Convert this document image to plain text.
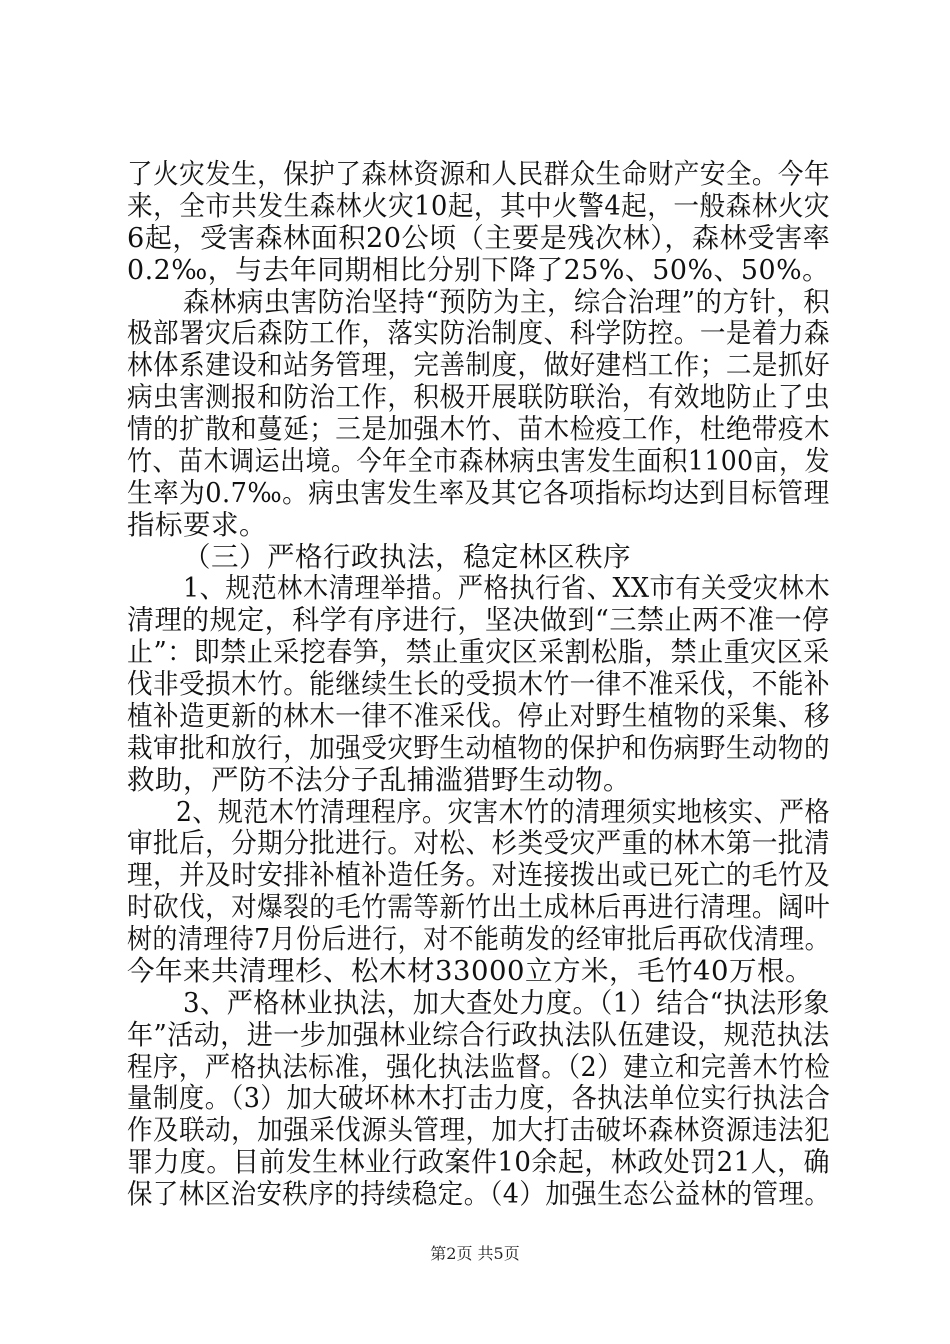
了火灾发生，保护了森林资源和人民群众生命财产安全。今年
来，全市共发生森林火灾10起，其中火警4起，一般森林火灾
6起，受害森林面积20公顷（主要是残次林），森林受害率
0.2‰，与去年同期相比分别下降了25%、50%、50%。
森林病虫害防治坚持“预防为主，综合治理”的方针，积
极部署灾后森防工作，落实防治制度、科学防控。一是着力森
林体系建设和站务管理，完善制度，做好建档工作；二是抓好
病虫害测报和防治工作，积极开展联防联治，有效地防止了虫
情的扩散和蔓延；三是加强木竹、苗木检疫工作，杜绝带疫木
竹、苗木调运出境。今年全市森林病虫害发生面积1100亩，发
生率为0.7‰。病虫害发生率及其它各项指标均达到目标管理
指标要求。
（三）严格行政执法，稳定林区秩序
1、规范林木清理举措。严格执行省、XX市有关受灾林木
清理的规定，科学有序进行，坚决做到“三禁止两不准一停
止”：即禁止采挖春笋，禁止重灾区采割松脂，禁止重灾区采
伐非受损木竹。能继续生长的受损木竹一律不准采伐，不能补
植补造更新的林木一律不准采伐。停止对野生植物的采集、移
栽审批和放行，加强受灾野生动植物的保护和伤病野生动物的
救助，严防不法分子乱捕滥猎野生动物。
2、规范木竹清理程序。灾害木竹的清理须实地核实、严格
审批后，分期分批进行。对松、杉类受灾严重的林木第一批清
理，并及时安排补植补造任务。对连接拨出或已死亡的毛竹及
时砍伐，对爆裂的毛竹需等新竹出土成林后再进行清理。阔叶
树的清理待7月份后进行，对不能萌发的经审批后再砍伐清理。
今年来共清理杉、松木材33000立方米，毛竹40万根。
3、严格林业执法，加大查处力度。（1）结合“执法形象
年”活动，进一步加强林业综合行政执法队伍建设，规范执法
程序，严格执法标准，强化执法监督。（2）建立和完善木竹检
量制度。（3）加大破坏林木打击力度，各执法单位实行执法合
作及联动，加强采伐源头管理，加大打击破坏森林资源违法犯
罪力度。目前发生林业行政案件10余起，林政处罚21人，确
保了林区治安秩序的持续稳定。（4）加强生态公益林的管理。
第2页 共5页
